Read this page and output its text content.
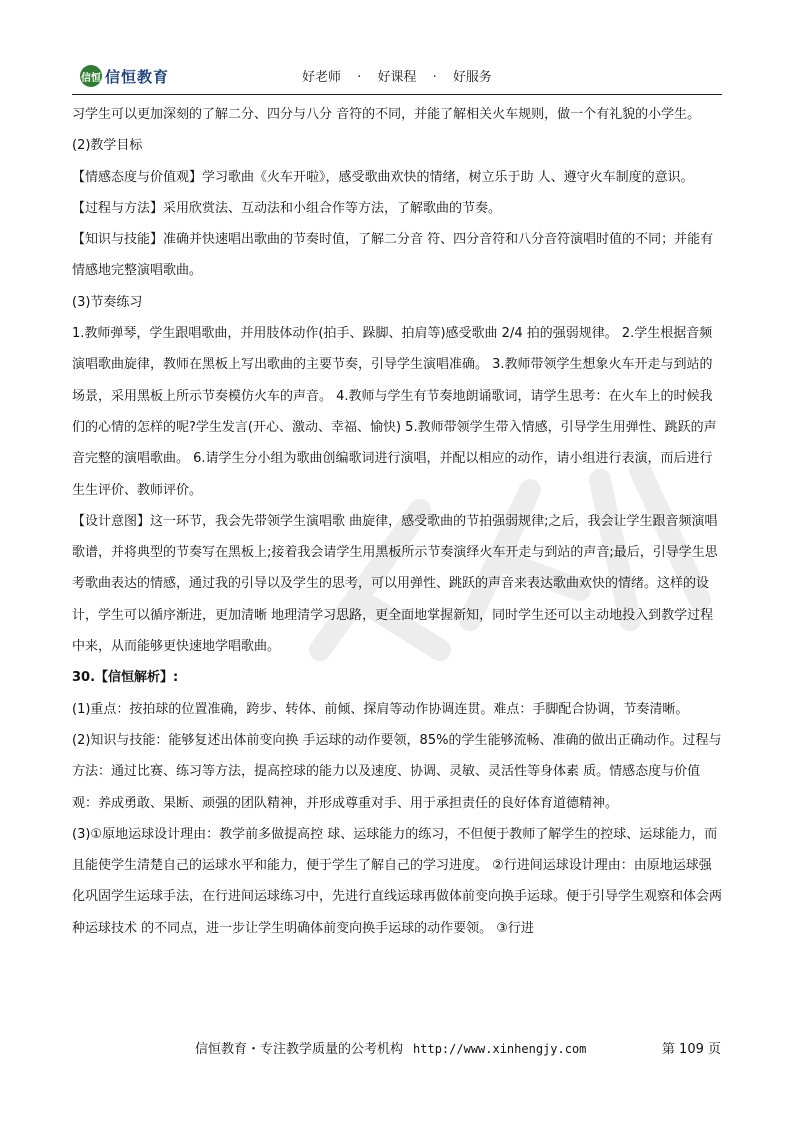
信恒 信恒教育	好老师 · 好课程 · 好服务

习学生可以更加深刻的了解二分、四分与八分 音符的不同，并能了解相关火车规则，做一个有礼貌的小学生。

(2)教学目标

【情感态度与价值观】学习歌曲《火车开啦》，感受歌曲欢快的情绪，树立乐于助 人、遵守火车制度的意识。

【过程与方法】采用欣赏法、互动法和小组合作等方法，了解歌曲的节奏。

【知识与技能】准确并快速唱出歌曲的节奏时值，了解二分音 符、四分音符和八分音符演唱时值的不同；并能有情感地完整演唱歌曲。

(3)节奏练习

1.教师弹琴，学生跟唱歌曲，并用肢体动作(拍手、跺脚、拍肩等)感受歌曲 2/4 拍的强弱规律。 2.学生根据音频演唱歌曲旋律，教师在黑板上写出歌曲的主要节奏，引导学生演唱准确。 3.教师带领学生想象火车开走与到站的场景，采用黑板上所示节奏模仿火车的声音。 4.教师与学生有节奏地朗诵歌词，请学生思考：在火车上的时候我们的心情的怎样的呢?学生发言(开心、激动、幸福、愉快) 5.教师带领学生带入情感，引导学生用弹性、跳跃的声音完整的演唱歌曲。 6.请学生分小组为歌曲创编歌词进行演唱，并配以相应的动作，请小组进行表演，而后进行生生评价、教师评价。

【设计意图】这一环节，我会先带领学生演唱歌 曲旋律，感受歌曲的节拍强弱规律;之后，我会让学生跟音频演唱歌谱，并将典型的节奏写在黑板上;接着我会请学生用黑板所示节奏演绎火车开走与到站的声音;最后，引导学生思考歌曲表达的情感，通过我的引导以及学生的思考，可以用弹性、跳跃的声音来表达歌曲欢快的情绪。这样的设计，学生可以循序渐进，更加清晰 地理清学习思路，更全面地掌握新知，同时学生还可以主动地投入到教学过程中来，从而能够更快速地学唱歌曲。

30.【信恒解析】:

(1)重点：按拍球的位置准确，跨步、转体、前倾、探肩等动作协调连贯。难点：手脚配合协调，节奏清晰。

(2)知识与技能：能够复述出体前变向换 手运球的动作要领，85%的学生能够流畅、准确的做出正确动作。过程与方法：通过比赛、练习等方法，提高控球的能力以及速度、协调、灵敏、灵活性等身体素 质。情感态度与价值观：养成勇敢、果断、顽强的团队精神，并形成尊重对手、用于承担责任的良好体育道德精神。

(3)①原地运球设计理由：教学前多做提高控 球、运球能力的练习，不但便于教师了解学生的控球、运球能力，而且能使学生清楚自己的运球水平和能力，便于学生了解自己的学习进度。 ②行进间运球设计理由：由原地运球强化巩固学生运球手法，在行进间运球练习中，先进行直线运球再做体前变向换手运球。便于引导学生观察和体会两种运球技术 的不同点，进一步让学生明确体前变向换手运球的动作要领。 ③行进

信恒教育・专注教学质量的公考机构 http://www.xinhengjy.com	第 109 页
